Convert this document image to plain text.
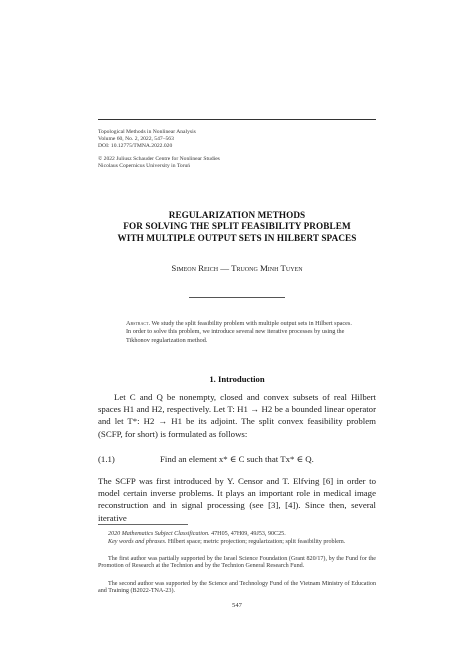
Topological Methods in Nonlinear Analysis
Volume 60, No. 2, 2022, 547–563
DOI: 10.12775/TMNA.2022.020
© 2022 Juliusz Schauder Centre for Nonlinear Studies
Nicolaus Copernicus University in Toruń
REGULARIZATION METHODS
FOR SOLVING THE SPLIT FEASIBILITY PROBLEM
WITH MULTIPLE OUTPUT SETS IN HILBERT SPACES
Simeon Reich — Truong Minh Tuyen
Abstract. We study the split feasibility problem with multiple output sets in Hilbert spaces. In order to solve this problem, we introduce several new iterative processes by using the Tikhonov regularization method.
1. Introduction
Let C and Q be nonempty, closed and convex subsets of real Hilbert spaces H1 and H2, respectively. Let T: H1 → H2 be a bounded linear operator and let T*: H2 → H1 be its adjoint. The split convex feasibility problem (SCFP, for short) is formulated as follows:
(1.1)	Find an element x* ∈ C such that Tx* ∈ Q.
The SCFP was first introduced by Y. Censor and T. Elfving [6] in order to model certain inverse problems. It plays an important role in medical image reconstruction and in signal processing (see [3], [4]). Since then, several iterative
2020 Mathematics Subject Classification. 47H05, 47H09, 49J53, 90C25.
Key words and phrases. Hilbert space; metric projection; regularization; split feasibility problem.
The first author was partially supported by the Israel Science Foundation (Grant 820/17), by the Fund for the Promotion of Research at the Technion and by the Technion General Research Fund.
The second author was supported by the Science and Technology Fund of the Vietnam Ministry of Education and Training (B2022-TNA-23).
547
